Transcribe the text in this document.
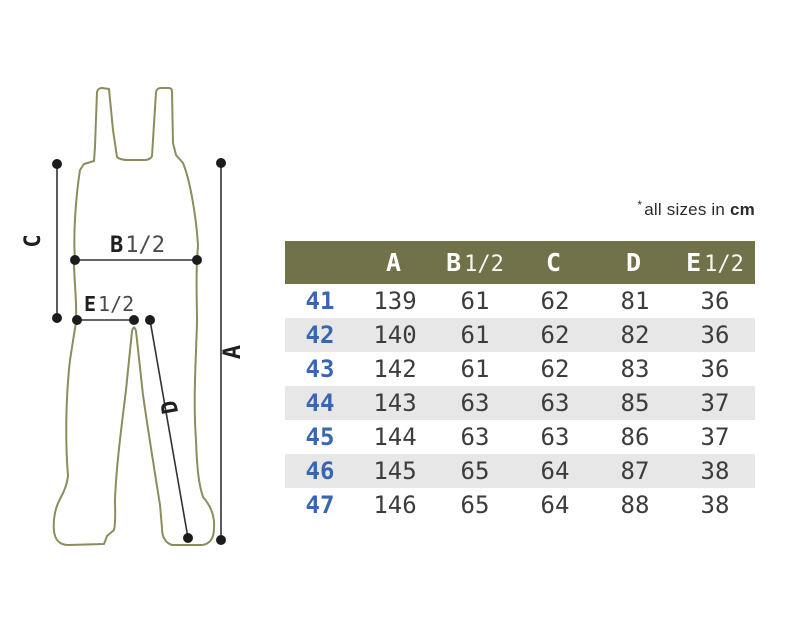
C	B1/2
E 1/2
A
D
* all sizes in cm
	A	B 1/2	C	D	E 1/2
41	139	61	62	81	36
42	140	61	62	82	36
43	142	61	62	83	36
44	143	63	63	85	37
45	144	63	63	86	37
46	145	65	64	87	38
47	146	65	64	88	38
